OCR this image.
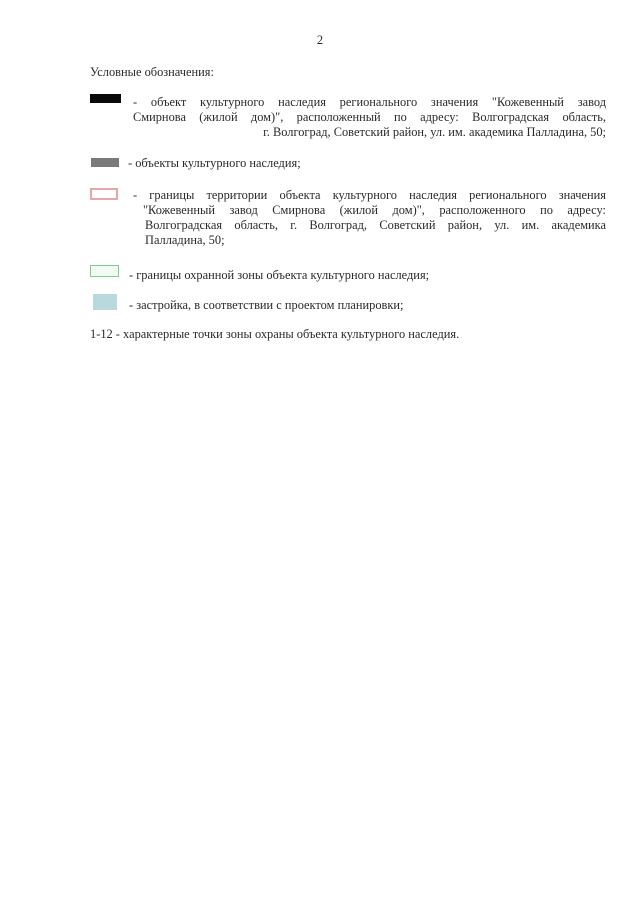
2
Условные обозначения:
- объект культурного наследия регионального значения "Кожевенный завод
Смирнова (жилой дом)", расположенный по адресу: Волгоградская область,
г. Волгоград, Советский район, ул. им. академика Палладина, 50;
- объекты культурного наследия;
- границы территории объекта культурного наследия регионального значения
"Кожевенный завод Смирнова (жилой дом)", расположенного по адресу:
Волгоградская область, г. Волгоград, Советский район, ул. им. академика
Палладина, 50;
- границы охранной зоны объекта культурного наследия;
- застройка, в соответствии с проектом планировки;
1-12 - характерные точки зоны охраны объекта культурного наследия.
